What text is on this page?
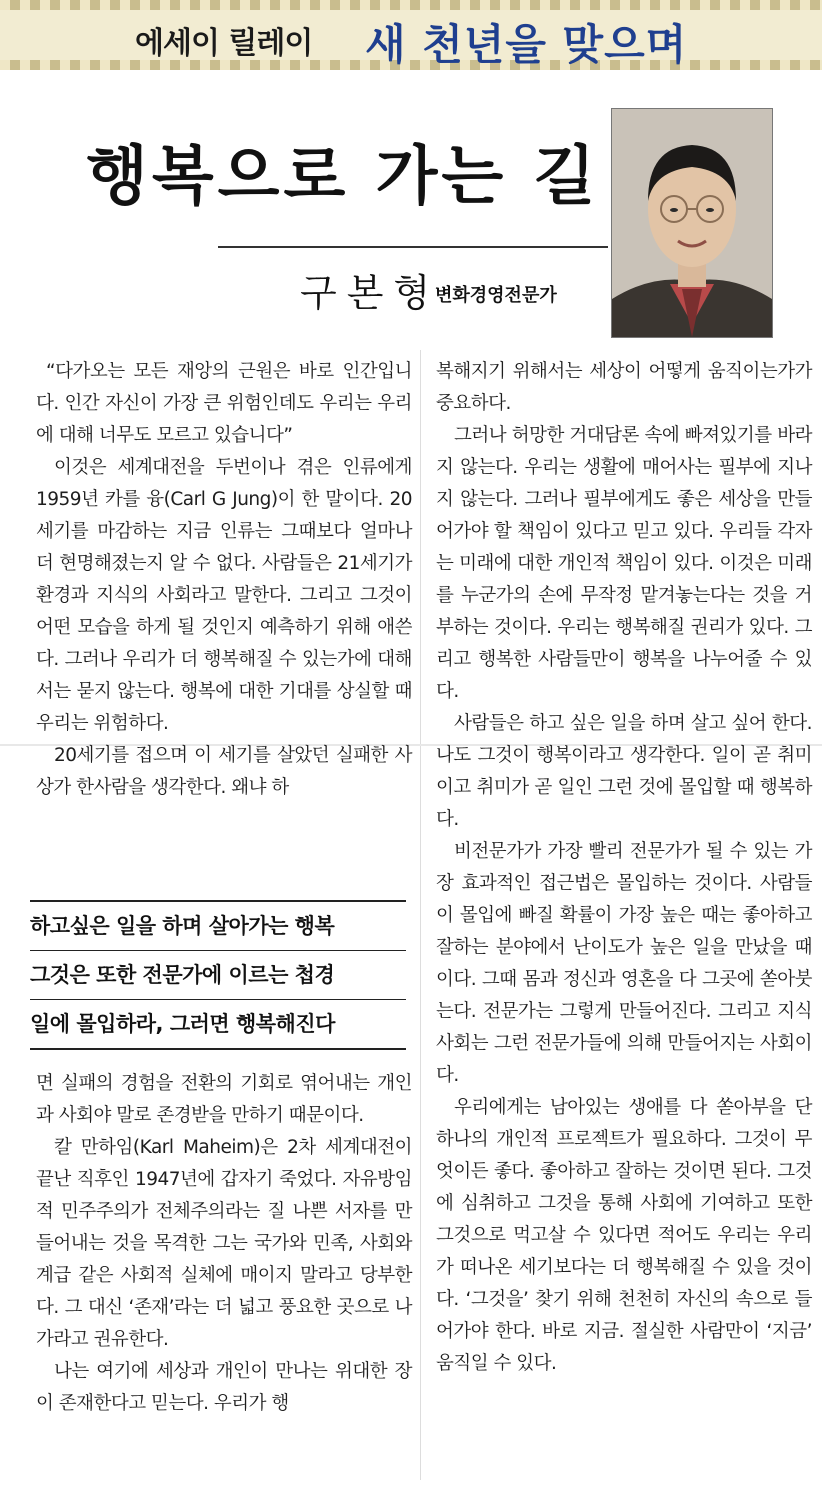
에세이 릴레이 새 천년을 맞으며
행복으로 가는 길
구본형
변화경영전문가

“다가오는 모든 재앙의 근원은 바로 인간입니다. 인간 자신이 가장 큰 위험인데도 우리는 우리에 대해 너무도 모르고 있습니다”

이것은 세계대전을 두번이나 겪은 인류에게 1959년 카를 융(Carl G Jung)이 한 말이다. 20세기를 마감하는 지금 인류는 그때보다 얼마나 더 현명해졌는지 알 수 없다. 사람들은 21세기가 환경과 지식의 사회라고 말한다. 그리고 그것이 어떤 모습을 하게 될 것인지 예측하기 위해 애쓴다. 그러나 우리가 더 행복해질 수 있는가에 대해서는 묻지 않는다. 행복에 대한 기대를 상실할 때 우리는 위험하다.

20세기를 접으며 이 세기를 살았던 실패한 사상가 한사람을 생각한다. 왜냐 하

하고싶은 일을 하며 살아가는 행복
그것은 또한 전문가에 이르는 첩경
일에 몰입하라, 그러면 행복해진다

면 실패의 경험을 전환의 기회로 엮어내는 개인과 사회야 말로 존경받을 만하기 때문이다.

칼 만하임(Karl Maheim)은 2차 세계대전이 끝난 직후인 1947년에 갑자기 죽었다. 자유방임적 민주주의가 전체주의라는 질 나쁜 서자를 만들어내는 것을 목격한 그는 국가와 민족, 사회와 계급 같은 사회적 실체에 매이지 말라고 당부한다. 그 대신 ‘존재’라는 더 넓고 풍요한 곳으로 나가라고 권유한다.

나는 여기에 세상과 개인이 만나는 위대한 장이 존재한다고 믿는다. 우리가 행

복해지기 위해서는 세상이 어떻게 움직이는가가 중요하다.

그러나 허망한 거대담론 속에 빠져있기를 바라지 않는다. 우리는 생활에 매어사는 필부에 지나지 않는다. 그러나 필부에게도 좋은 세상을 만들어가야 할 책임이 있다고 믿고 있다. 우리들 각자는 미래에 대한 개인적 책임이 있다. 이것은 미래를 누군가의 손에 무작정 맡겨놓는다는 것을 거부하는 것이다. 우리는 행복해질 권리가 있다. 그리고 행복한 사람들만이 행복을 나누어줄 수 있다.

사람들은 하고 싶은 일을 하며 살고 싶어 한다. 나도 그것이 행복이라고 생각한다. 일이 곧 취미이고 취미가 곧 일인 그런 것에 몰입할 때 행복하다.

비전문가가 가장 빨리 전문가가 될 수 있는 가장 효과적인 접근법은 몰입하는 것이다. 사람들이 몰입에 빠질 확률이 가장 높은 때는 좋아하고 잘하는 분야에서 난이도가 높은 일을 만났을 때이다. 그때 몸과 정신과 영혼을 다 그곳에 쏟아붓는다. 전문가는 그렇게 만들어진다. 그리고 지식사회는 그런 전문가들에 의해 만들어지는 사회이다.

우리에게는 남아있는 생애를 다 쏟아부을 단 하나의 개인적 프로젝트가 필요하다. 그것이 무엇이든 좋다. 좋아하고 잘하는 것이면 된다. 그것에 심취하고 그것을 통해 사회에 기여하고 또한 그것으로 먹고살 수 있다면 적어도 우리는 우리가 떠나온 세기보다는 더 행복해질 수 있을 것이다. ‘그것을’ 찾기 위해 천천히 자신의 속으로 들어가야 한다. 바로 지금. 절실한 사람만이 ‘지금’ 움직일 수 있다.
